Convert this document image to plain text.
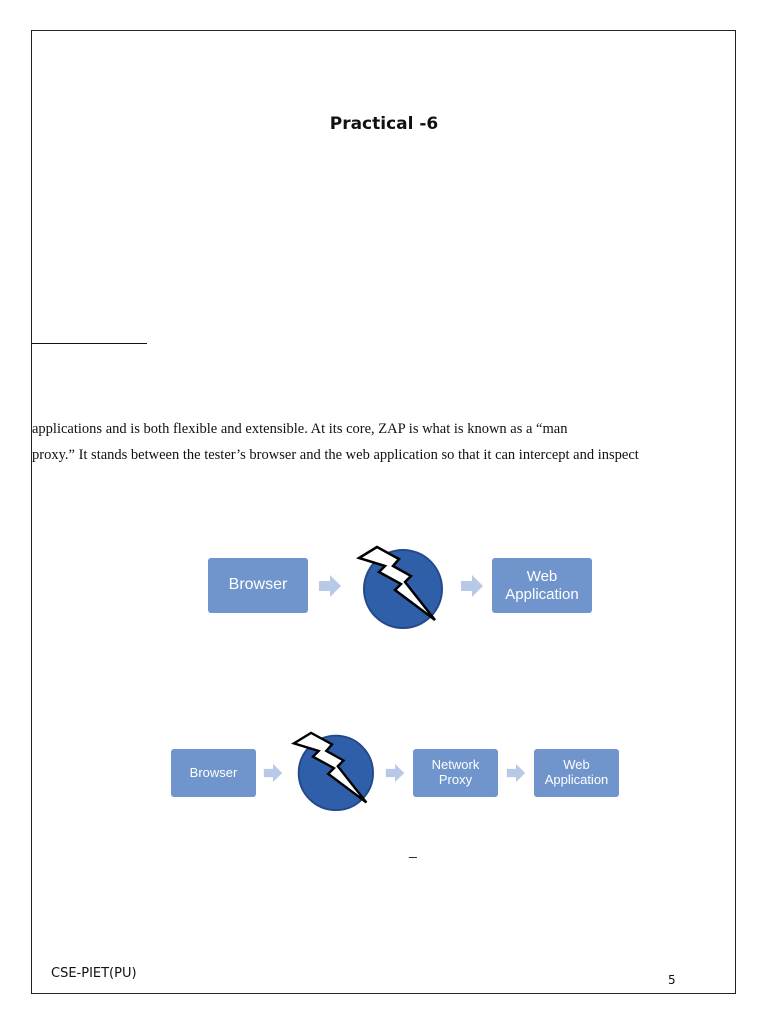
Practical -6
applications and is both flexible and extensible. At its core, ZAP is what is known as a “man
proxy.” It stands between the tester’s browser and the web application so that it can intercept and inspect
Browser	Web
Application
Browser	Network
Proxy
Web
Application
_
CSE-PIET(PU)	5
